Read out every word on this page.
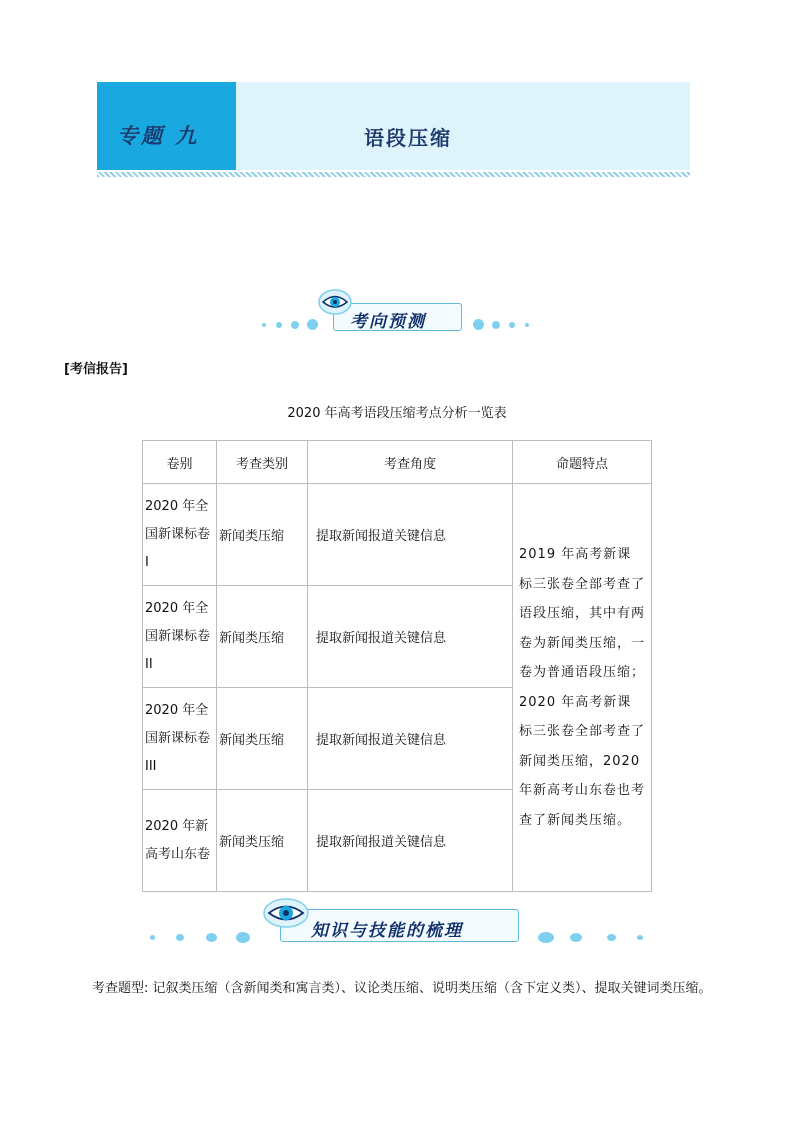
专题 九	语段压缩
考向预测
[考信报告]
2020 年高考语段压缩考点分析一览表
卷别	考查类别	考查角度	命题特点
2020 年全国新课标卷 I	新闻类压缩	提取新闻报道关键信息	2019 年高考新课标三张卷全部考查了语段压缩，其中有两卷为新闻类压缩，一卷为普通语段压缩；2020 年高考新课标三张卷全部考查了新闻类压缩，2020 年新高考山东卷也考查了新闻类压缩。
2020 年全国新课标卷 II	新闻类压缩	提取新闻报道关键信息	
2020 年全国新课标卷 III	新闻类压缩	提取新闻报道关键信息	
2020 年新高考山东卷	新闻类压缩	提取新闻报道关键信息	
知识与技能的梳理
考查题型: 记叙类压缩（含新闻类和寓言类）、议论类压缩、说明类压缩（含下定义类）、提取关键词类压缩。
